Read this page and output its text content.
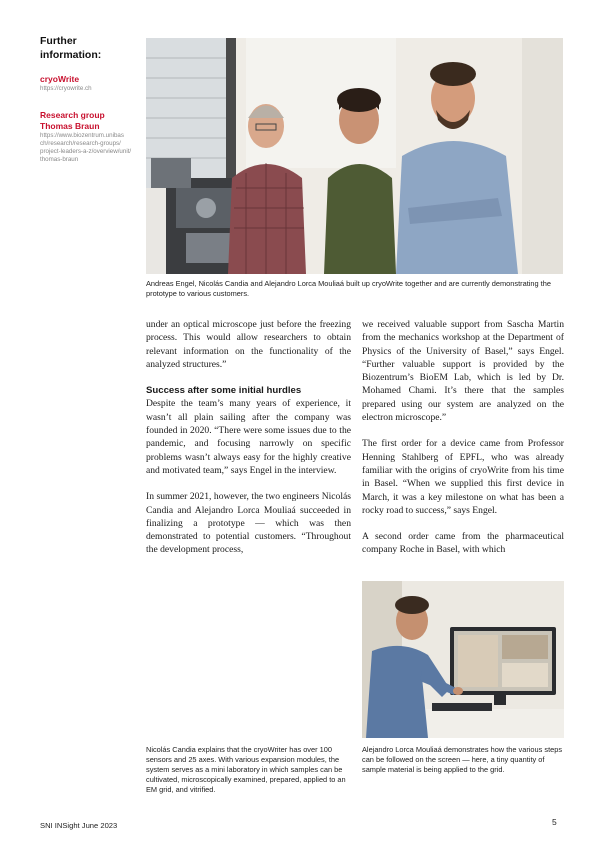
Further information:
cryoWrite
https://cryowrite.ch
Research group
Thomas Braun
https://www.biozentrum.unibas
ch/research/research-groups/
project-leaders-a-z/overview/unit/
thomas-braun
Andreas Engel, Nicolás Candia and Alejandro Lorca Mouliaá built up cryoWrite together and are currently demonstrating the prototype to various customers.

under an optical microscope just before the freezing process. This would allow researchers to obtain relevant information on the functionality of the analyzed structures.”

Success after some initial hurdles

Despite the team’s many years of experience, it wasn’t all plain sailing after the company was founded in 2020. “There were some issues due to the pandemic, and focusing narrowly on specific problems wasn’t always easy for the highly creative and motivated team,” says Engel in the interview.

In summer 2021, however, the two engineers Nicolás Candia and Alejandro Lorca Mouliaá succeeded in finalizing a prototype — which was then demonstrated to potential customers. “Throughout the development process,

we received valuable support from Sascha Martin from the mechanics workshop at the Department of Physics of the University of Basel,” says Engel. “Further valuable support is provided by the Biozentrum’s BioEM Lab, which is led by Dr. Mohamed Chami. It’s there that the samples prepared using our system are analyzed on the electron microscope.”

The first order for a device came from Professor Henning Stahlberg of EPFL, who was already familiar with the origins of cryoWrite from his time in Basel. “When we supplied this first device in March, it was a key milestone on what has been a rocky road to success,” says Engel.

A second order came from the pharmaceutical company Roche in Basel, with which

Nicolás Candia explains that the cryoWriter has over 100 sensors and 25 axes. With various expansion modules, the system serves as a mini laboratory in which samples can be cultivated, microscopically examined, prepared, applied to an EM grid, and vitrified.
Alejandro Lorca Mouliaá demonstrates how the various steps can be followed on the screen — here, a tiny quantity of sample material is being applied to the grid.
SNI INSight June 2023	5
